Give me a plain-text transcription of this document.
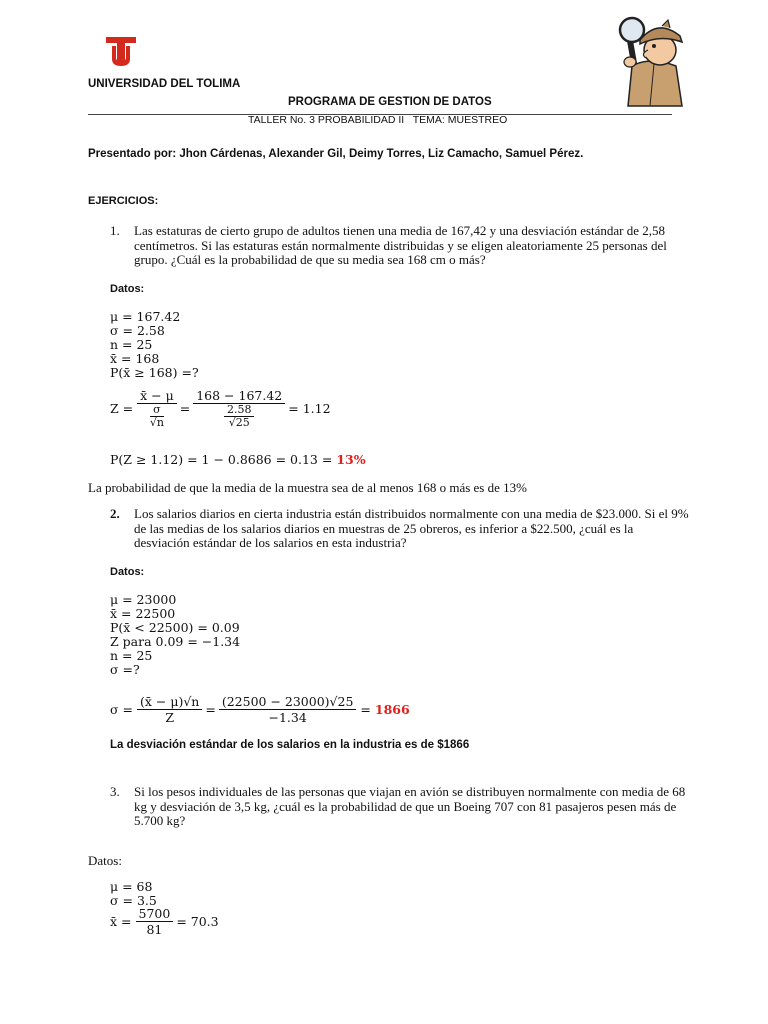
UNIVERSIDAD DEL TOLIMA
PROGRAMA DE GESTION DE DATOS
TALLER No. 3 PROBABILIDAD II   TEMA: MUESTREO
Presentado por: Jhon Cárdenas, Alexander Gil, Deimy Torres, Liz Camacho, Samuel Pérez.
EJERCICIOS:
1. Las estaturas de cierto grupo de adultos tienen una media de 167,42 y una desviación estándar de 2,58 centímetros. Si las estaturas están normalmente distribuidas y se eligen aleatoriamente 25 personas del grupo. ¿Cuál es la probabilidad de que su media sea 168 cm o más?
Datos:
μ = 167.42
σ = 2.58
n = 25
x̄ = 168
P(x̄ ≥ 168) =?
$Z = \frac{x̄ - \mu}{\frac{\sigma}{√n}} = \frac{168 - 167.42}{\frac{2.58}{√25}} = 1.12$
P(Z ≥ 1.12) = 1 − 0.8686 = 0.13 = 13%
La probabilidad de que la media de la muestra sea de al menos 168 o más es de 13%
2. Los salarios diarios en cierta industria están distribuidos normalmente con una media de $23.000. Si el 9% de las medias de los salarios diarios en muestras de 25 obreros, es inferior a $22.500, ¿cuál es la desviación estándar de los salarios en esta industria?
Datos:
μ = 23000
x̄ = 22500
P(x̄ < 22500) = 0.09
Z para 0.09 = −1.34
n = 25
σ =?
$\sigma = \frac{(x̄ - \mu)√n}{Z} = \frac{(22500 - 23000)√25}{-1.34} = 1866$
La desviación estándar de los salarios en la industria es de $1866
3. Si los pesos individuales de las personas que viajan en avión se distribuyen normalmente con media de 68 kg y desviación de 3,5 kg, ¿cuál es la probabilidad de que un Boeing 707 con 81 pasajeros pesen más de 5.700 kg?
Datos:
μ = 68
σ = 3.5
x̄ = $\frac{5700}{81} = 70.3$
